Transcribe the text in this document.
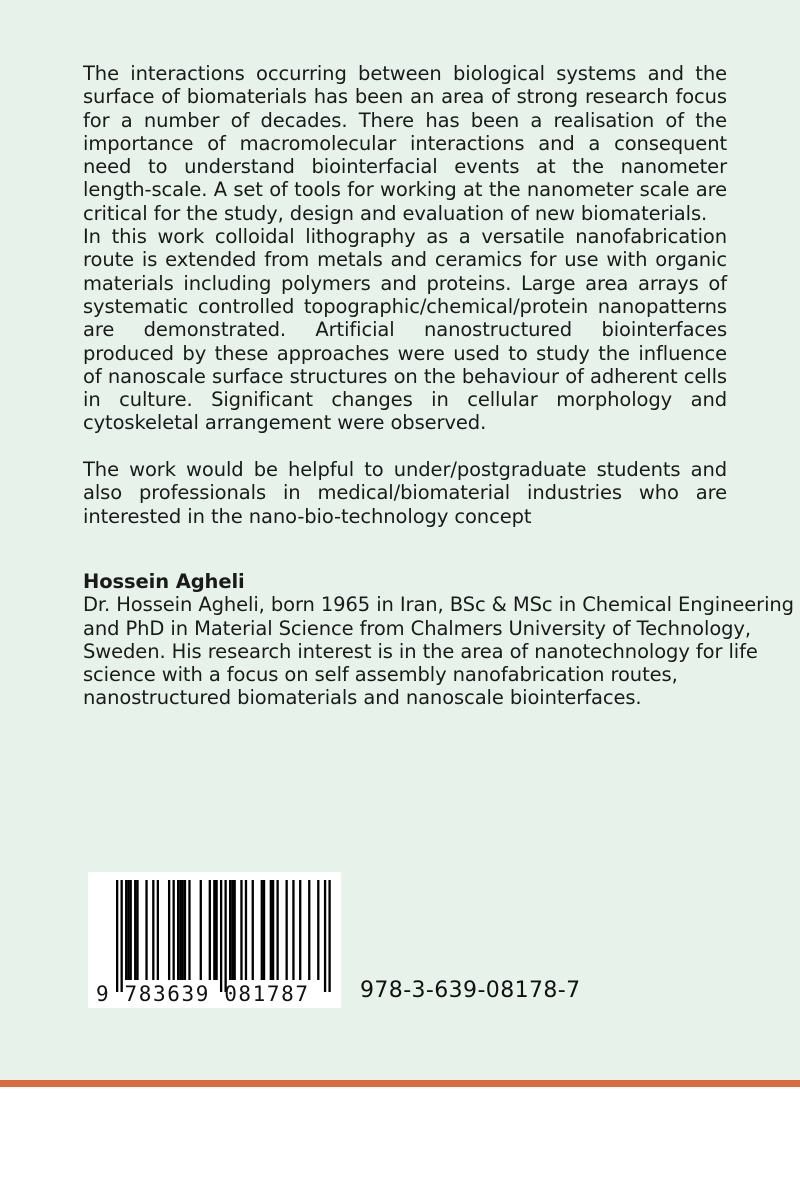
The interactions occurring between biological systems and the surface of biomaterials has been an area of strong research focus for a number of decades. There has been a realisation of the importance of macromolecular interactions and a consequent need to understand biointerfacial events at the nanometer length-scale. A set of tools for working at the nanometer scale are critical for the study, design and evaluation of new biomaterials.

In this work colloidal lithography as a versatile nanofabrication route is extended from metals and ceramics for use with organic materials including polymers and proteins. Large area arrays of systematic controlled topographic/chemical/protein nanopatterns are demonstrated. Artificial nanostructured biointerfaces produced by these approaches were used to study the influence of nanoscale surface structures on the behaviour of adherent cells in culture. Significant changes in cellular morphology and cytoskeletal arrangement were observed.

The work would be helpful to under/postgraduate students and also professionals in medical/biomaterial industries who are interested in the nano-bio-technology concept
Hossein Agheli
Dr. Hossein Agheli, born 1965 in Iran, BSc & MSc in Chemical Engineering
and PhD in Material Science from Chalmers University of Technology,
Sweden. His research interest is in the area of nanotechnology for life
science with a focus on self assembly nanofabrication routes,
nanostructured biomaterials and nanoscale biointerfaces.
9 783639 081787	978-3-639-08178-7
